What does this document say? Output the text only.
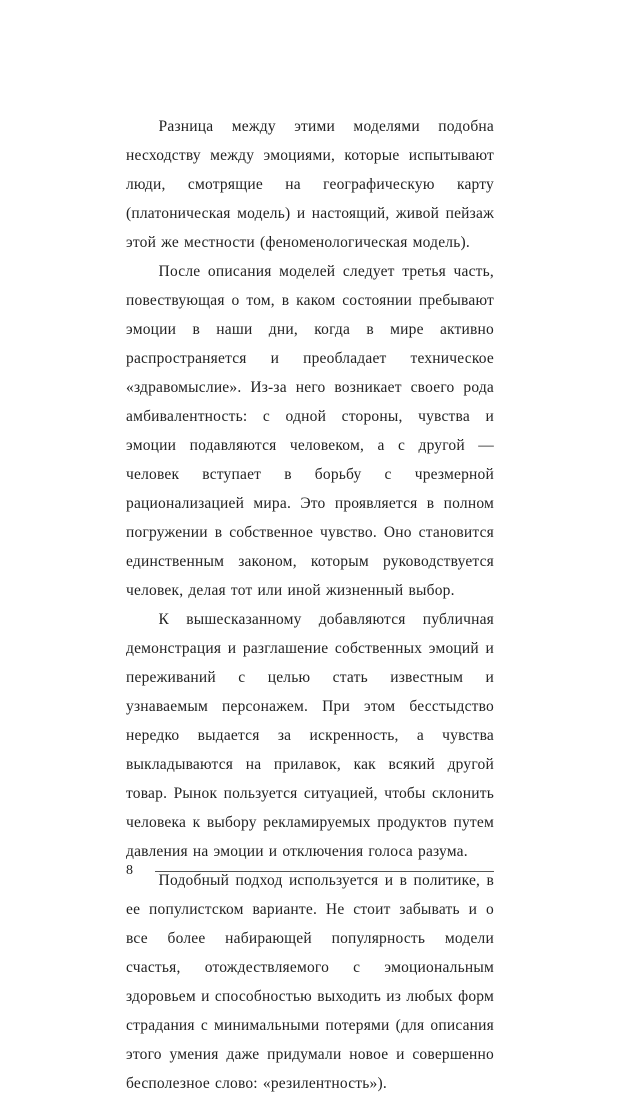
Разница между этими моделями подобна несходству между эмоциями, которые испытывают люди, смотрящие на географическую карту (платоническая модель) и настоящий, живой пейзаж этой же местности (феноменологическая модель).

После описания моделей следует третья часть, повествующая о том, в каком состоянии пребывают эмоции в наши дни, когда в мире активно распространяется и преобладает техническое «здравомыслие». Из-за него возникает своего рода амбивалентность: с одной стороны, чувства и эмоции подавляются человеком, а с другой — человек вступает в борьбу с чрезмерной рационализацией мира. Это проявляется в полном погружении в собственное чувство. Оно становится единственным законом, которым руководствуется человек, делая тот или иной жизненный выбор.

К вышесказанному добавляются публичная демонстрация и разглашение собственных эмоций и переживаний с целью стать известным и узнаваемым персонажем. При этом бесстыдство нередко выдается за искренность, а чувства выкладываются на прилавок, как всякий другой товар. Рынок пользуется ситуацией, чтобы склонить человека к выбору рекламируемых продуктов путем давления на эмоции и отключения голоса разума.

Подобный подход используется и в политике, в ее популистском варианте. Не стоит забывать и о все более набирающей популярность модели счастья, отождествляемого с эмоциональным здоровьем и способностью выходить из любых форм страдания с минимальными потерями (для описания этого умения даже придумали новое и совершенно бесполезное слово: «резилентность»).

8
